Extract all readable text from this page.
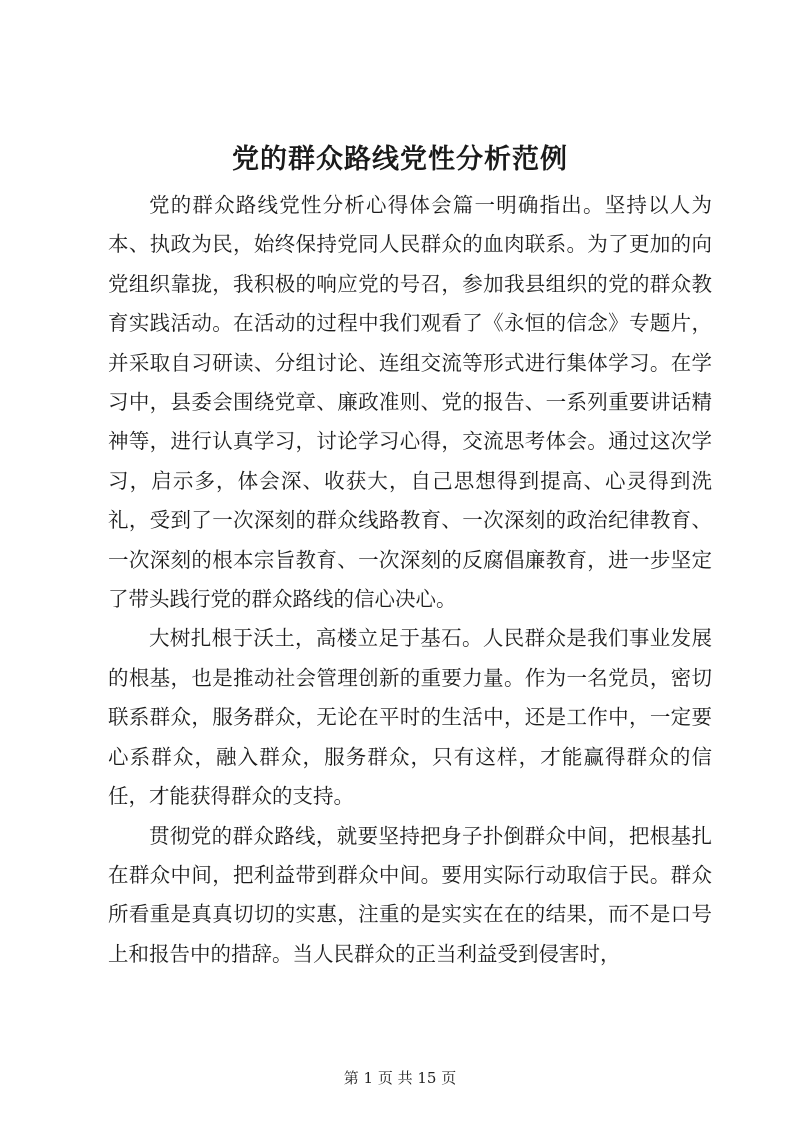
党的群众路线党性分析范例

党的群众路线党性分析心得体会篇一明确指出。坚持以人为本、执政为民，始终保持党同人民群众的血肉联系。为了更加的向党组织靠拢，我积极的响应党的号召，参加我县组织的党的群众教育实践活动。在活动的过程中我们观看了《永恒的信念》专题片，并采取自习研读、分组讨论、连组交流等形式进行集体学习。在学习中，县委会围绕党章、廉政准则、党的报告、一系列重要讲话精神等，进行认真学习，讨论学习心得，交流思考体会。通过这次学习，启示多，体会深、收获大，自己思想得到提高、心灵得到洗礼，受到了一次深刻的群众线路教育、一次深刻的政治纪律教育、一次深刻的根本宗旨教育、一次深刻的反腐倡廉教育，进一步坚定了带头践行党的群众路线的信心决心。

大树扎根于沃土，高楼立足于基石。人民群众是我们事业发展的根基，也是推动社会管理创新的重要力量。作为一名党员，密切联系群众，服务群众，无论在平时的生活中，还是工作中，一定要心系群众，融入群众，服务群众，只有这样，才能赢得群众的信任，才能获得群众的支持。

贯彻党的群众路线，就要坚持把身子扑倒群众中间，把根基扎在群众中间，把利益带到群众中间。要用实际行动取信于民。群众所看重是真真切切的实惠，注重的是实实在在的结果，而不是口号上和报告中的措辞。当人民群众的正当利益受到侵害时，

第 1 页 共 15 页
